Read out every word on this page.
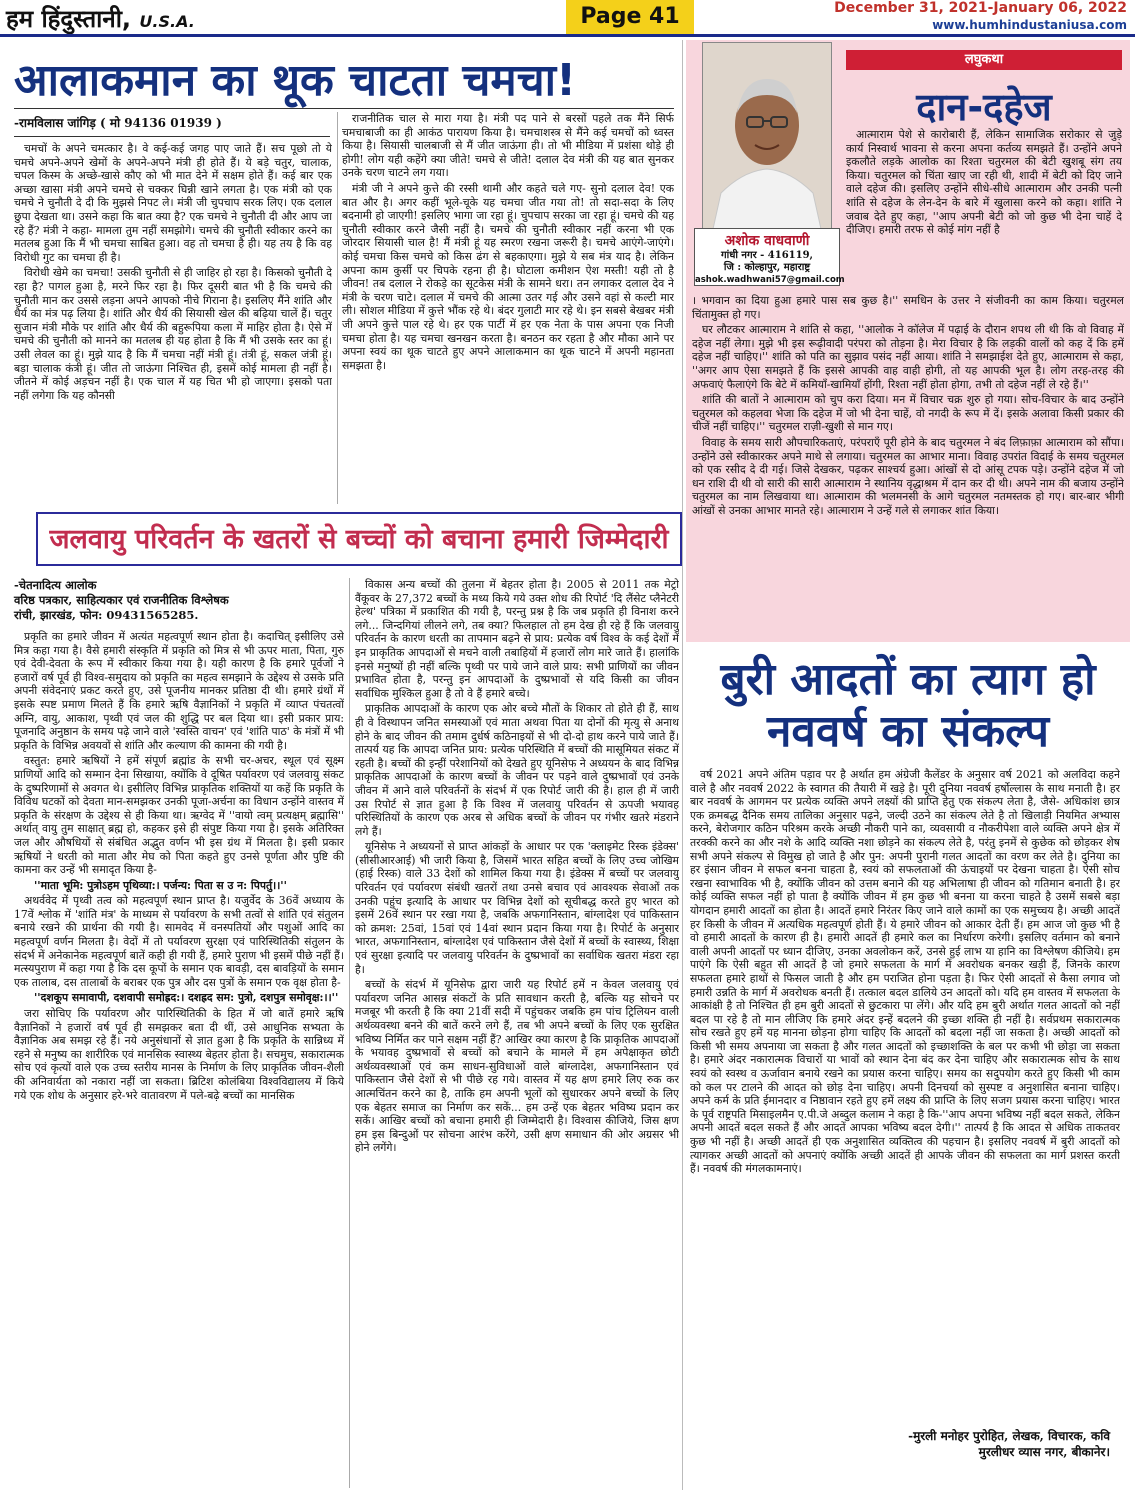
हम हिंदुस्तानी, U.S.A.	Page 41	December 31, 2021-January 06, 2022
www.humhindustaniusa.com
आलाकमान का थूक चाटता चमचा!
-रामविलास जांगिड़ ( मो 94136 01939 )

चमचों के अपने चमत्कार है। वे कई-कई जगह पाए जाते हैं। सच पूछो तो ये चमचे अपने-अपने खेमों के अपने-अपने मंत्री ही होते हैं। ये बड़े चतुर, चालाक, चपल किस्म के अच्छे-खासे कौए को भी मात देने में सक्षम होते हैं। कई बार एक अच्छा खासा मंत्री अपने चमचे से चक्कर घिन्नी खाने लगता है। एक मंत्री को एक चमचे ने चुनौती दे दी कि मुझसे निपट ले। मंत्री जी चुपचाप सरक लिए। एक दलाल छुपा देखता था। उसने कहा कि बात क्या है? एक चमचे ने चुनौती दी और आप जा रहे हैं? मंत्री ने कहा- मामला तुम नहीं समझोगे। चमचे की चुनौती स्वीकार करने का मतलब हुआ कि मैं भी चमचा साबित हुआ। वह तो चमचा है ही। यह तय है कि वह विरोधी गुट का चमचा ही है।

विरोधी खेमे का चमचा! उसकी चुनौती से ही जाहिर हो रहा है। किसको चुनौती दे रहा है? पागल हुआ है, मरने फिर रहा है। फिर दूसरी बात भी है कि चमचे की चुनौती मान कर उससे लड़ना अपने आपको नीचे गिराना है। इसलिए मैंने शांति और धैर्य का मंत्र पढ़ लिया है। शांति और धैर्य की सियासी खेल की बढ़िया चालें हैं। चतुर सुजान मंत्री मौके पर शांति और धैर्य की बहुरूपिया कला में माहिर होता है। ऐसे में चमचे की चुनौती को मानने का मतलब ही यह होता है कि मैं भी उसके स्तर का हूं। उसी लेवल का हूं। मुझे याद है कि मैं चमचा नहीं मंत्री हूं। तंत्री हूं, सकल जंत्री हूं। बड़ा चालाक कंत्री हूं। जीत तो जाऊंगा निश्चित ही, इसमें कोई मामला ही नहीं है। जीतने में कोई अड़चन नहीं है। एक चाल में यह चित भी हो जाएगा। इसको पता नहीं लगेगा कि यह कौनसी

राजनीतिक चाल से मारा गया है। मंत्री पद पाने से बरसों पहले तक मैंने सिर्फ चमचाबाजी का ही आकंठ पारायण किया है। चमचाशस्त्र से मैंने कई चमचों को ध्वस्त किया है। सियासी चालबाजी से मैं जीत जाऊंगा ही। तो भी मीडिया में प्रशंसा थोड़े ही होगी! लोग यही कहेंगे क्या जीते! चमचे से जीते! दलाल देव मंत्री की यह बात सुनकर उनके चरण चाटने लग गया।

मंत्री जी ने अपने कुत्ते की रस्सी थामी और कहते चले गए- सुनो दलाल देव! एक बात और है। अगर कहीं भूले-चूके यह चमचा जीत गया तो! तो सदा-सदा के लिए बदनामी हो जाएगी! इसलिए भागा जा रहा हूं। चुपचाप सरका जा रहा हूं। चमचे की यह चुनौती स्वीकार करने जैसी नहीं है। चमचे की चुनौती स्वीकार नहीं करना भी एक जोरदार सियासी चाल है! मैं मंत्री हूं यह स्मरण रखना जरूरी है। चमचे आएंगे-जाएंगे। कोई चमचा किस चमचे को किस ढंग से बहकाएगा। मुझे ये सब मंत्र याद है। लेकिन अपना काम कुर्सी पर चिपके रहना ही है। घोटाला कमीशन ऐश मस्ती! यही तो है जीवन! तब दलाल ने रोकड़े का सूटकेस मंत्री के सामने धरा। तन लगाकर दलाल देव ने मंत्री के चरण चाटे। दलाल में चमचे की आत्मा उतर गई और उसने वहां से कल्टी मार ली। सोशल मीडिया में कुत्ते भौंक रहे थे। बंदर गुलाटी मार रहे थे। इन सबसे बेखबर मंत्री जी अपने कुत्ते पाल रहे थे। हर एक पार्टी में हर एक नेता के पास अपना एक निजी चमचा होता है। यह चमचा खनखन करता है। बनठन कर रहता है और मौका आने पर अपना स्वयं का थूक चाटते हुए अपने आलाकमान का थूक चाटने में अपनी महानता समझता है।

जलवायु परिवर्तन के खतरों से बच्चों को बचाना हमारी जिम्मेदारी
-चेतनादित्य आलोक
वरिष्ठ पत्रकार, साहित्यकार एवं राजनीतिक विश्लेषक
रांची, झारखंड, फोन: 09431565285.

प्रकृति का हमारे जीवन में अत्यंत महत्वपूर्ण स्थान होता है। कदाचित् इसीलिए उसे मित्र कहा गया है। वैसे हमारी संस्कृति में प्रकृति को मित्र से भी ऊपर माता, पिता, गुरु एवं देवी-देवता के रूप में स्वीकार किया गया है। यही कारण है कि हमारे पूर्वजों ने हजारों वर्ष पूर्व ही विश्व-समुदाय को प्रकृति का महत्व समझाने के उद्देश्य से उसके प्रति अपनी संवेदनाएं प्रकट करते हुए, उसे पूजनीय मानकर प्रतिष्ठा दी थी। हमारे ग्रंथों में इसके स्पष्ट प्रमाण मिलते हैं कि हमारे ऋषि वैज्ञानिकों ने प्रकृति में व्याप्त पंचतत्वों अग्नि, वायु, आकाश, पृथ्वी एवं जल की शुद्धि पर बल दिया था। इसी प्रकार प्राय: पूजनादि अनुष्ठान के समय पढ़े जाने वाले 'स्वस्ति वाचन' एवं 'शांति पाठ' के मंत्रों में भी प्रकृति के विभिन्न अवयवों से शांति और कल्याण की कामना की गयी है।

वस्तुत: हमारे ऋषियों ने हमें संपूर्ण ब्रह्मांड के सभी चर-अचर, स्थूल एवं सूक्ष्म प्राणियों आदि को सम्मान देना सिखाया, क्योंकि वे दूषित पर्यावरण एवं जलवायु संकट के दुष्परिणामों से अवगत थे। इसीलिए विभिन्न प्राकृतिक शक्तियों या कहें कि प्रकृति के विविध घटकों को देवता मान-समझकर उनकी पूजा-अर्चना का विधान उन्होंने वास्तव में प्रकृति के संरक्षण के उद्देश्य से ही किया था। ऋग्वेद में ''वायो त्वम् प्रत्यक्षम् ब्रह्मासि'' अर्थात् वायु तुम साक्षात् ब्रह्म हो, कहकर इसे ही संपुष्ट किया गया है। इसके अतिरिक्त जल और औषधियों से संबंधित अद्भुत वर्णन भी इस ग्रंथ में मिलता है। इसी प्रकार ऋषियों ने धरती को माता और मेघ को पिता कहते हुए उनसे पूर्णता और पुष्टि की कामना कर उन्हें भी समादृत किया है-

''माता भूमि: पुत्रोऽहम पृथिव्या:। पर्जन्य: पिता स उ न: पिपर्तु।।''

अथर्ववेद में पृथ्वी तत्व को महत्वपूर्ण स्थान प्राप्त है। यजुर्वेद के 36वें अध्याय के 17वें श्लोक में 'शांति मंत्र' के माध्यम से पर्यावरण के सभी तत्वों से शांति एवं संतुलन बनाये रखने की प्रार्थना की गयी है। सामवेद में वनस्पतियों और पशुओं आदि का महत्वपूर्ण वर्णन मिलता है। वेदों में तो पर्यावरण सुरक्षा एवं पारिस्थितिकी संतुलन के संदर्भ में अनेकानेक महत्वपूर्ण बातें कही ही गयी हैं, हमारे पुराण भी इसमें पीछे नहीं हैं। मत्स्यपुराण में कहा गया है कि दस कूपों के समान एक बावड़ी, दस बावड़ियों के समान एक तालाब, दस तालाबों के बराबर एक पुत्र और दस पुत्रों के समान एक वृक्ष होता है-

''दशकूप समावापी, दशवापी समोह्रद:। दशह्रद सम: पुत्रो, दशपुत्र समोवृक्ष:।।''

जरा सोचिए कि पर्यावरण और पारिस्थितिकी के हित में जो बातें हमारे ऋषि वैज्ञानिकों ने हजारों वर्ष पूर्व ही समझकर बता दी थीं, उसे आधुनिक सभ्यता के वैज्ञानिक अब समझ रहे हैं। नये अनुसंधानों से ज्ञात हुआ है कि प्रकृति के सान्निध्य में रहने से मनुष्य का शारीरिक एवं मानसिक स्वास्थ्य बेहतर होता है। सचमुच, सकारात्मक सोच एवं कृत्यों वाले एक उच्च स्तरीय मानस के निर्माण के लिए प्राकृतिक जीवन-शैली की अनिवार्यता को नकारा नहीं जा सकता। ब्रिटिश कोलंबिया विश्वविद्यालय में किये गये एक शोध के अनुसार हरे-भरे वातावरण में पले-बढ़े बच्चों का मानसिक

विकास अन्य बच्चों की तुलना में बेहतर होता है। 2005 से 2011 तक मेट्रो वैंकूवर के 27,372 बच्चों के मध्य किये गये उक्त शोध की रिपोर्ट 'दि लैंसेट प्लैनेटरी हेल्थ' पत्रिका में प्रकाशित की गयी है, परन्तु प्रश्न है कि जब प्रकृति ही विनाश करने लगे... जिन्दगियां लीलने लगे, तब क्या? फिलहाल तो हम देख ही रहे हैं कि जलवायु परिवर्तन के कारण धरती का तापमान बढ़ने से प्राय: प्रत्येक वर्ष विश्व के कई देशों में इन प्राकृतिक आपदाओं से मचने वाली तबाहियों में हजारों लोग मारे जाते हैं। हालांकि इनसे मनुष्यों ही नहीं बल्कि पृथ्वी पर पाये जाने वाले प्राय: सभी प्राणियों का जीवन प्रभावित होता है, परन्तु इन आपदाओं के दुष्प्रभावों से यदि किसी का जीवन सर्वाधिक मुश्किल हुआ है तो वे हैं हमारे बच्चे।

प्राकृतिक आपदाओं के कारण एक ओर बच्चे मौतों के शिकार तो होते ही हैं, साथ ही वे विस्थापन जनित समस्याओं एवं माता अथवा पिता या दोनों की मृत्यु से अनाथ होने के बाद जीवन की तमाम दुर्धर्ष कठिनाइयों से भी दो-दो हाथ करने पाये जाते हैं। तात्पर्य यह कि आपदा जनित प्राय: प्रत्येक परिस्थिति में बच्चों की मासूमियत संकट में रहती है। बच्चों की इन्हीं परेशानियों को देखते हुए यूनिसेफ ने अध्ययन के बाद विभिन्न प्राकृतिक आपदाओं के कारण बच्चों के जीवन पर पड़ने वाले दुष्प्रभावों एवं उनके जीवन में आने वाले परिवर्तनों के संदर्भ में एक रिपोर्ट जारी की है। हाल ही में जारी उस रिपोर्ट से ज्ञात हुआ है कि विश्व में जलवायु परिवर्तन से ऊपजी भयावह परिस्थितियों के कारण एक अरब से अधिक बच्चों के जीवन पर गंभीर खतरे मंडराने लगे हैं।

यूनिसेफ ने अध्ययनों से प्राप्त आंकड़ों के आधार पर एक 'क्लाइमेट रिस्क इंडेक्स' (सीसीआरआई) भी जारी किया है, जिसमें भारत सहित बच्चों के लिए उच्च जोखिम (हाई रिस्क) वाले 33 देशों को शामिल किया गया है। इंडेक्स में बच्चों पर जलवायु परिवर्तन एवं पर्यावरण संबंधी खतरों तथा उनसे बचाव एवं आवश्यक सेवाओं तक उनकी पहुंच इत्यादि के आधार पर विभिन्न देशों को सूचीबद्ध करते हुए भारत को इसमें 26वें स्थान पर रखा गया है, जबकि अफगानिस्तान, बांग्लादेश एवं पाकिस्तान को क्रमश: 25वां, 15वां एवं 14वां स्थान प्रदान किया गया है। रिपोर्ट के अनुसार भारत, अफगानिस्तान, बांग्लादेश एवं पाकिस्तान जैसे देशों में बच्चों के स्वास्थ्य, शिक्षा एवं सुरक्षा इत्यादि पर जलवायु परिवर्तन के दुष्प्रभावों का सर्वाधिक खतरा मंडरा रहा है।

बच्चों के संदर्भ में यूनिसेफ द्वारा जारी यह रिपोर्ट हमें न केवल जलवायु एवं पर्यावरण जनित आसन्न संकटों के प्रति सावधान करती है, बल्कि यह सोचने पर मजबूर भी करती है कि क्या 21वीं सदी में पहुंचकर जबकि हम पांच ट्रिलियन वाली अर्थव्यवस्था बनने की बातें करने लगे हैं, तब भी अपने बच्चों के लिए एक सुरक्षित भविष्य निर्मित कर पाने सक्षम नहीं हैं? आखिर क्या कारण है कि प्राकृतिक आपदाओं के भयावह दुष्प्रभावों से बच्चों को बचाने के मामले में हम अपेक्षाकृत छोटी अर्थव्यवस्थाओं एवं कम साधन-सुविधाओं वाले बांग्लादेश, अफगानिस्तान एवं पाकिस्तान जैसे देशों से भी पीछे रह गये। वास्तव में यह क्षण हमारे लिए रुक कर आत्मचिंतन करने का है, ताकि हम अपनी भूलों को सुधारकर अपने बच्चों के लिए एक बेहतर समाज का निर्माण कर सकें... हम उन्हें एक बेहतर भविष्य प्रदान कर सकें। आखिर बच्चों को बचाना हमारी ही जिम्मेदारी है। विश्वास कीजिये, जिस क्षण हम इस बिन्दुओं पर सोचना आरंभ करेंगे, उसी क्षण समाधान की ओर अग्रसर भी होने लगेंगे।

अशोक वाधवाणी
गांधी नगर - 416119,
जि : कोल्हापुर, महाराष्ट्र
ashok.wadhwani57@gmail.com
लघुकथा
दान-दहेज

आत्माराम पेशे से कारोबारी हैं, लेकिन सामाजिक सरोकार से जुड़े कार्य निस्वार्थ भावना से करना अपना कर्तव्य समझते हैं। उन्होंने अपने इकलौते लड़के आलोक का रिश्ता चतुरमल की बेटी खुशबू संग तय किया। चतुरमल को चिंता खाए जा रही थी, शादी में बेटी को दिए जाने वाले दहेज की। इसलिए उन्होंने सीधे-सीधे आत्माराम और उनकी पत्नी शांति से दहेज के लेन-देन के बारे में खुलासा करने को कहा। शांति ने जवाब देते हुए कहा, ''आप अपनी बेटी को जो कुछ भी देना चाहें दे दीजिए। हमारी तरफ से कोई मांग नहीं है

। भगवान का दिया हुआ हमारे पास सब कुछ है।'' समधिन के उत्तर ने संजीवनी का काम किया। चतुरमल चिंतामुक्त हो गए।

घर लौटकर आत्माराम ने शांति से कहा, ''आलोक ने कॉलेज में पढ़ाई के दौरान शपथ ली थी कि वो विवाह में दहेज नहीं लेगा। मुझे भी इस रूढ़ीवादी परंपरा को तोड़ना है। मेरा विचार है कि लड़की वालों को कह दें कि हमें दहेज नहीं चाहिए।'' शांति को पति का सुझाव पसंद नहीं आया। शांति ने समझाईश देते हुए, आत्माराम से कहा, ''अगर आप ऐसा समझते हैं कि इससे आपकी वाह वाही होगी, तो यह आपकी भूल है। लोग तरह-तरह की अफवाएं फैलाएंगे कि बेटे में कमियाँ-खामियाँ होंगी, रिश्ता नहीं होता होगा, तभी तो दहेज नहीं ले रहे हैं।''

शांति की बातों ने आत्माराम को चुप करा दिया। मन में विचार चक्र शुरु हो गया। सोच-विचार के बाद उन्होंने चतुरमल को कहलवा भेजा कि दहेज में जो भी देना चाहें, वो नगदी के रूप में दें। इसके अलावा किसी प्रकार की चीजें नहीं चाहिए।'' चतुरमल राज़ी-खुशी से मान गए।

विवाह के समय सारी औपचारिकताएं, परंपराएँ पूरी होने के बाद चतुरमल ने बंद लिफ़ाफ़ा आत्माराम को सौंपा। उन्होंने उसे स्वीकारकर अपने माथे से लगाया। चतुरमल का आभार माना। विवाह उपरांत विदाई के समय चतुरमल को एक रसीद दे दी गई। जिसे देखकर, पढ़कर साश्चर्य हुआ। आंखों से दो आंसू टपक पड़े। उन्होंने दहेज में जो धन राशि दी थी वो सारी की सारी आत्माराम ने स्थानिय वृद्धाश्रम में दान कर दी थी। अपने नाम की बजाय उन्होंने चतुरमल का नाम लिखवाया था। आत्माराम की भलमनसी के आगे चतुरमल नतमस्तक हो गए। बार-बार भीगी आंखों से उनका आभार मानते रहे। आत्माराम ने उन्हें गले से लगाकर शांत किया।

बुरी आदतों का त्याग हो
नववर्ष का संकल्प

वर्ष 2021 अपने अंतिम पड़ाव पर है अर्थात हम अंग्रेजी कैलेंडर के अनुसार वर्ष 2021 को अलविदा कहने वाले है और नववर्ष 2022 के स्वागत की तैयारी में खड़े है। पूरी दुनिया नववर्ष हर्षोल्लास के साथ मनाती है। हर बार नववर्ष के आगमन पर प्रत्येक व्यक्ति अपने लक्ष्यों की प्राप्ति हेतु एक संकल्प लेता है, जैसे- अधिकांश छात्र एक क्रमबद्ध दैनिक समय तालिका अनुसार पढ़ने, जल्दी उठने का संकल्प लेते है तो खिलाड़ी नियमित अभ्यास करने, बेरोजगार कठिन परिश्रम करके अच्छी नौकरी पाने का, व्यवसायी व नौकरीपेशा वाले व्यक्ति अपने क्षेत्र में तरक्की करने का और नशे के आदि व्यक्ति नशा छोड़ने का संकल्प लेते है, परंतु इनमें से कुछेक को छोड़कर शेष सभी अपने संकल्प से विमुख हो जाते है और पुन: अपनी पुरानी गलत आदतों का वरण कर लेते है। दुनिया का हर इंसान जीवन मे सफल बनना चाहता है, स्वयं को सफलताओं की ऊंचाइयों पर देखना चाहता है। ऐसी सोच रखना स्वाभाविक भी है, क्योंकि जीवन को उत्तम बनाने की यह अभिलाषा ही जीवन को गतिमान बनाती है। हर कोई व्यक्ति सफल नहीं हो पाता है क्योंकि जीवन में हम कुछ भी बनना या करना चाहते है उसमें सबसे बड़ा योगदान हमारी आदतों का होता है। आदतें हमारे निरंतर किए जाने वाले कामों का एक समुच्चय है। अच्छी आदतें हर किसी के जीवन में अत्यधिक महत्वपूर्ण होती हैं। ये हमारे जीवन को आकार देती हैं। हम आज जो कुछ भी है वो हमारी आदतों के कारण ही है। हमारी आदतें ही हमारे कल का निर्धारण करेगी। इसलिए वर्तमान को बनाने वाली अपनी आदतों पर ध्यान दीजिए, उनका अवलोकन करें, उनसे हुई लाभ या हानि का विश्लेषण कीजिये। हम पाएंगे कि ऐसी बहुत सी आदतें है जो हमारे सफलता के मार्ग में अवरोधक बनकर खड़ी हैं, जिनके कारण सफलता हमारे हाथों से फिसल जाती है और हम पराजित होना पड़ता है। फिर ऐसी आदतों से कैसा लगाव जो हमारी उन्नति के मार्ग में अवरोधक बनती हैं। तत्काल बदल डालिये उन आदतों को। यदि हम वास्तव में सफलता के आकांक्षी है तो निश्चित ही हम बुरी आदतों से छुटकारा पा लेंगे। और यदि हम बुरी अर्थात गलत आदतों को नहीं बदल पा रहे है तो मान लीजिए कि हमारे अंदर इन्हें बदलने की इच्छा शक्ति ही नहीं है। सर्वप्रथम सकारात्मक सोच रखते हुए हमें यह मानना छोड़ना होगा चाहिए कि आदतों को बदला नहीं जा सकता है। अच्छी आदतों को किसी भी समय अपनाया जा सकता है और गलत आदतों को इच्छाशक्ति के बल पर कभी भी छोड़ा जा सकता है। हमारे अंदर नकारात्मक विचारों या भावों को स्थान देना बंद कर देना चाहिए और सकारात्मक सोच के साथ स्वयं को स्वस्थ व ऊर्जावान बनाये रखने का प्रयास करना चाहिए। समय का सदुपयोग करते हुए किसी भी काम को कल पर टालने की आदत को छोड़ देना चाहिए। अपनी दिनचर्या को सुस्पष्ट व अनुशासित बनाना चाहिए। अपने कर्म के प्रति ईमानदार व निष्ठावान रहते हुए हमें लक्ष्य की प्राप्ति के लिए सजग प्रयास करना चाहिए। भारत के पूर्व राष्ट्रपति मिसाइलमैन ए.पी.जे अब्दुल कलाम ने कहा है कि-''आप अपना भविष्य नहीं बदल सकते, लेकिन अपनी आदतें बदल सकते हैं और आदतें आपका भविष्य बदल देगी।'' तात्पर्य है कि आदत से अधिक ताकतवर कुछ भी नहीं है। अच्छी आदतें ही एक अनुशासित व्यक्तित्व की पहचान है। इसलिए नववर्ष में बुरी आदतों को त्यागकर अच्छी आदतों को अपनाएं क्योंकि अच्छी आदतें ही आपके जीवन की सफलता का मार्ग प्रशस्त करती हैं। नववर्ष की मंगलकामनाएं।

-मुरली मनोहर पुरोहित, लेखक, विचारक, कवि
मुरलीधर व्यास नगर, बीकानेर।
